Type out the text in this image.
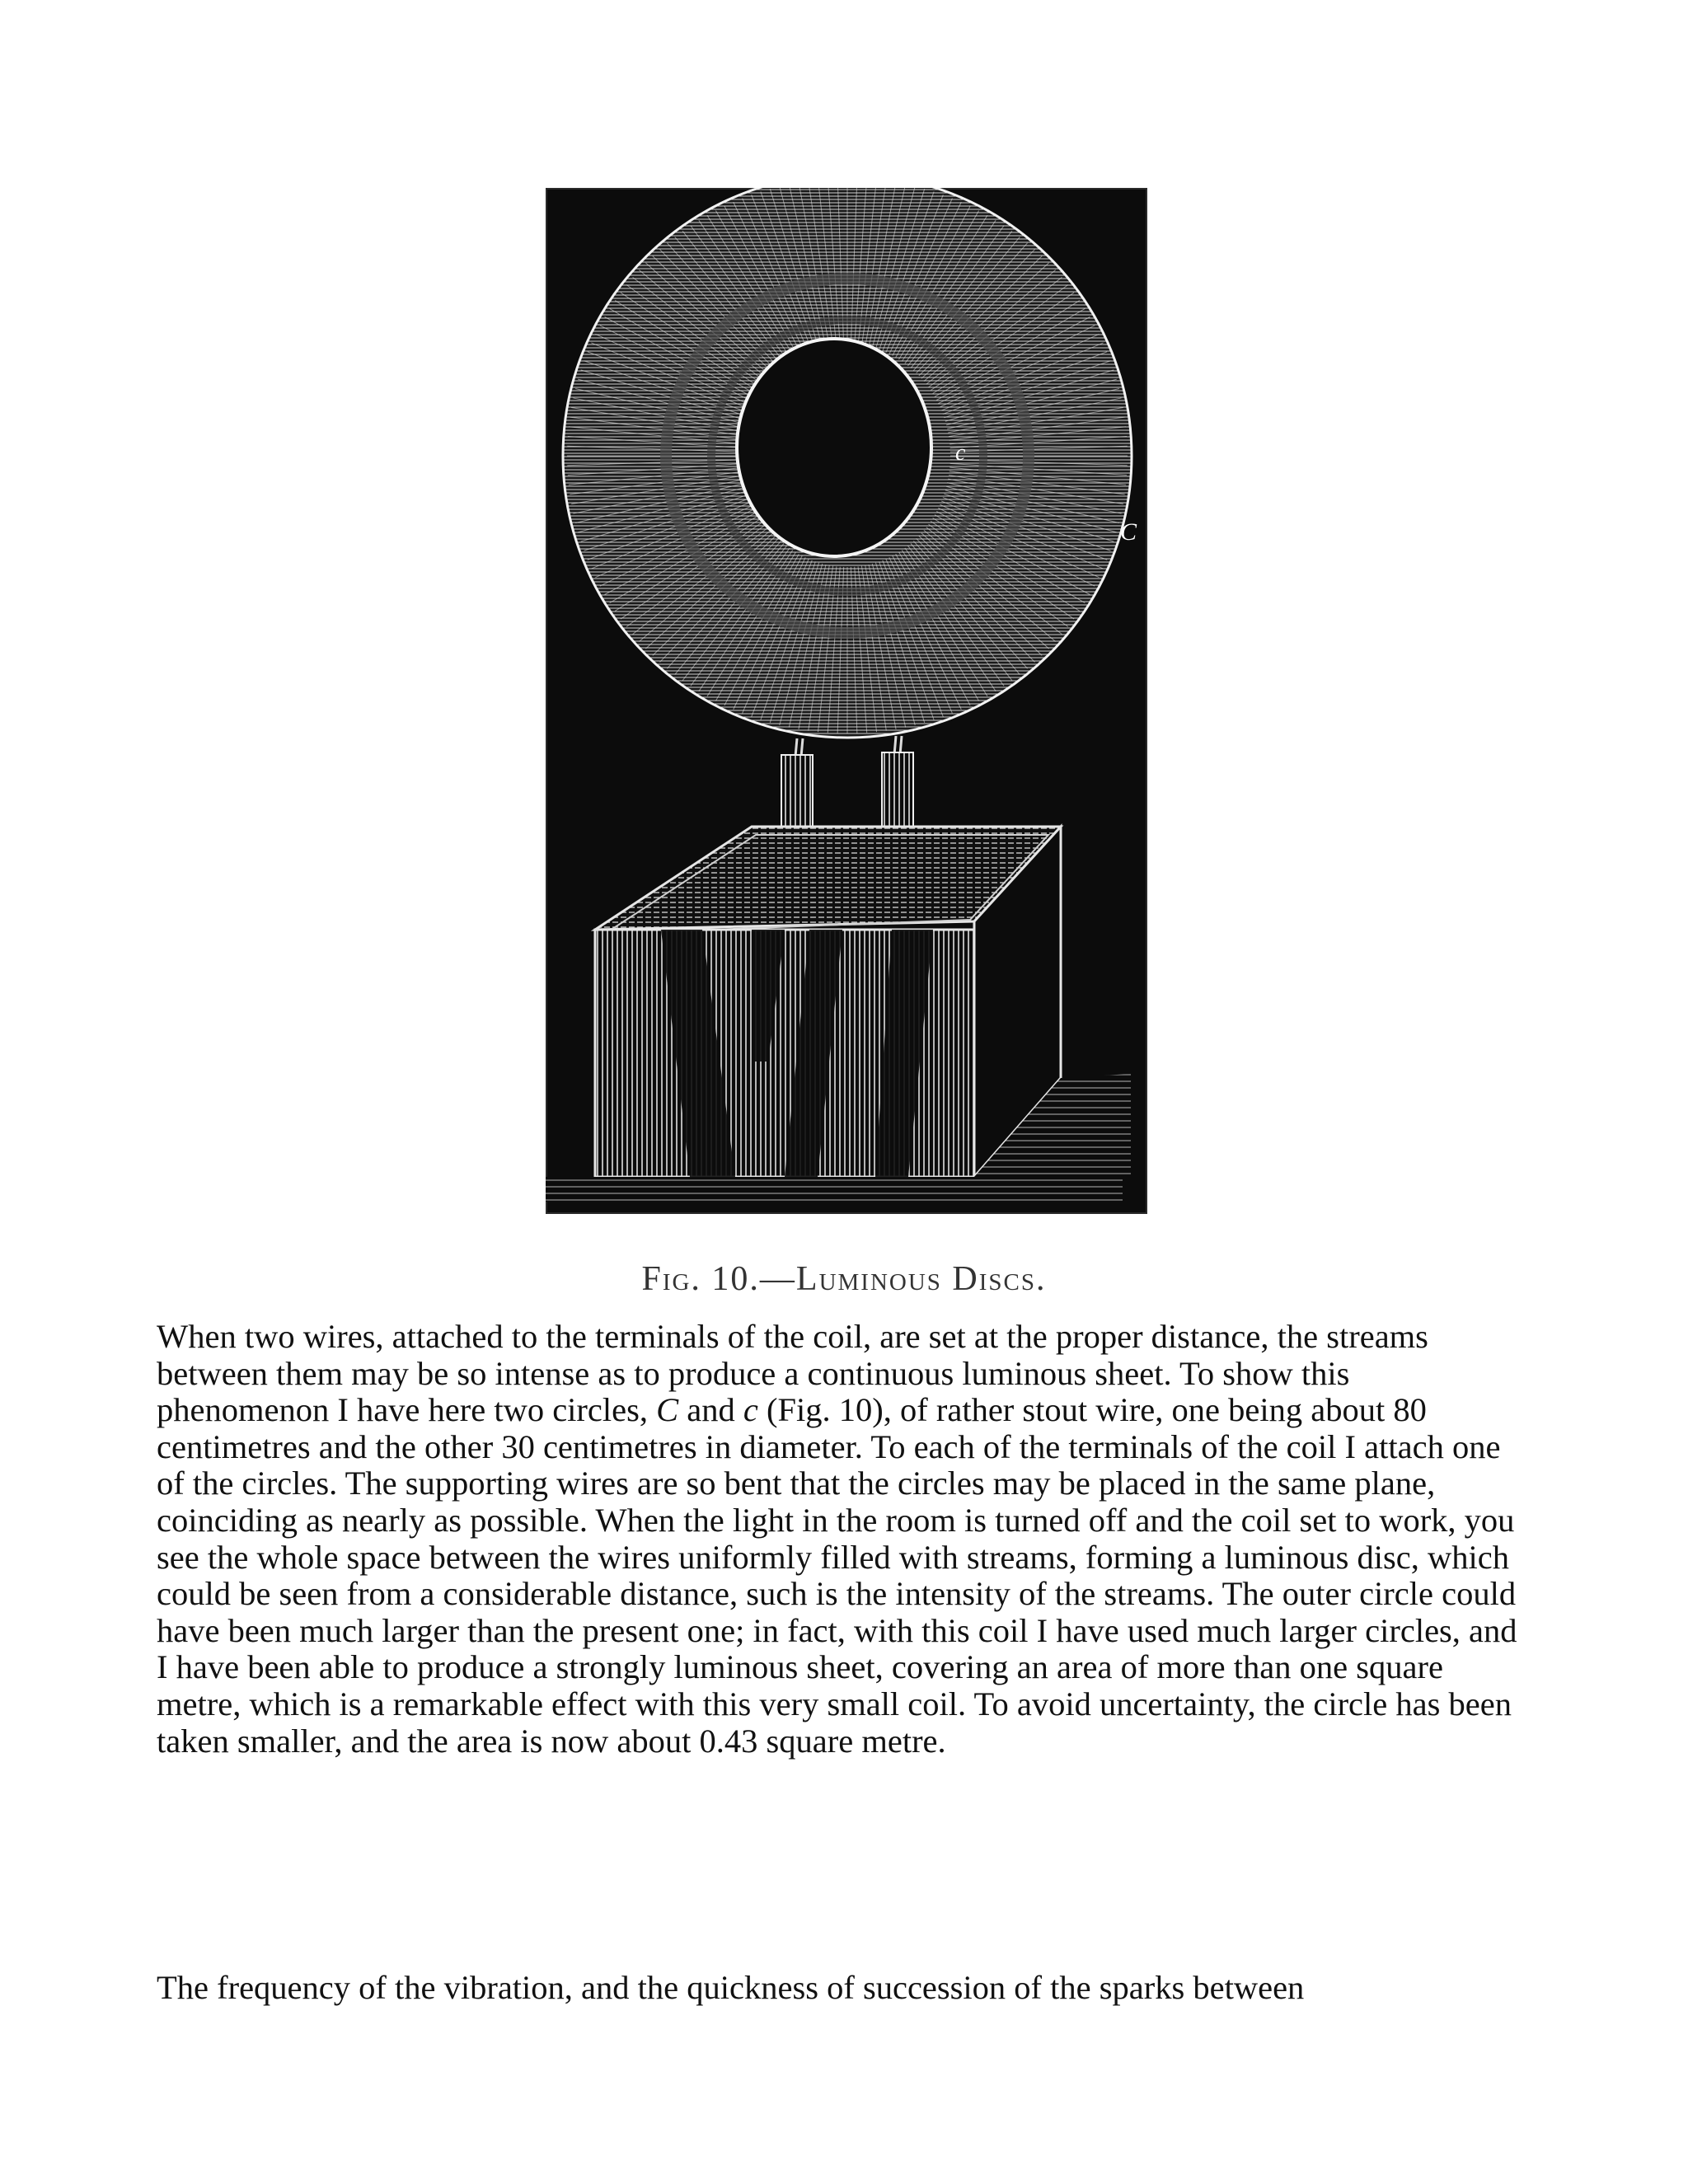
c
C
Fig. 10.—Luminous Discs.

When two wires, attached to the terminals of the coil, are set at the proper distance, the streams between them may be so intense as to produce a continuous luminous sheet. To show this phenomenon I have here two circles, C and c (Fig. 10), of rather stout wire, one being about 80 centimetres and the other 30 centimetres in diameter. To each of the terminals of the coil I attach one of the circles. The supporting wires are so bent that the circles may be placed in the same plane, coinciding as nearly as possible. When the light in the room is turned off and the coil set to work, you see the whole space between the wires uniformly filled with streams, forming a luminous disc, which could be seen from a considerable distance, such is the intensity of the streams. The outer circle could have been much larger than the present one; in fact, with this coil I have used much larger circles, and I have been able to produce a strongly luminous sheet, covering an area of more than one square metre, which is a remarkable effect with this very small coil. To avoid uncertainty, the circle has been taken smaller, and the area is now about 0.43 square metre.

The frequency of the vibration, and the quickness of succession of the sparks between
